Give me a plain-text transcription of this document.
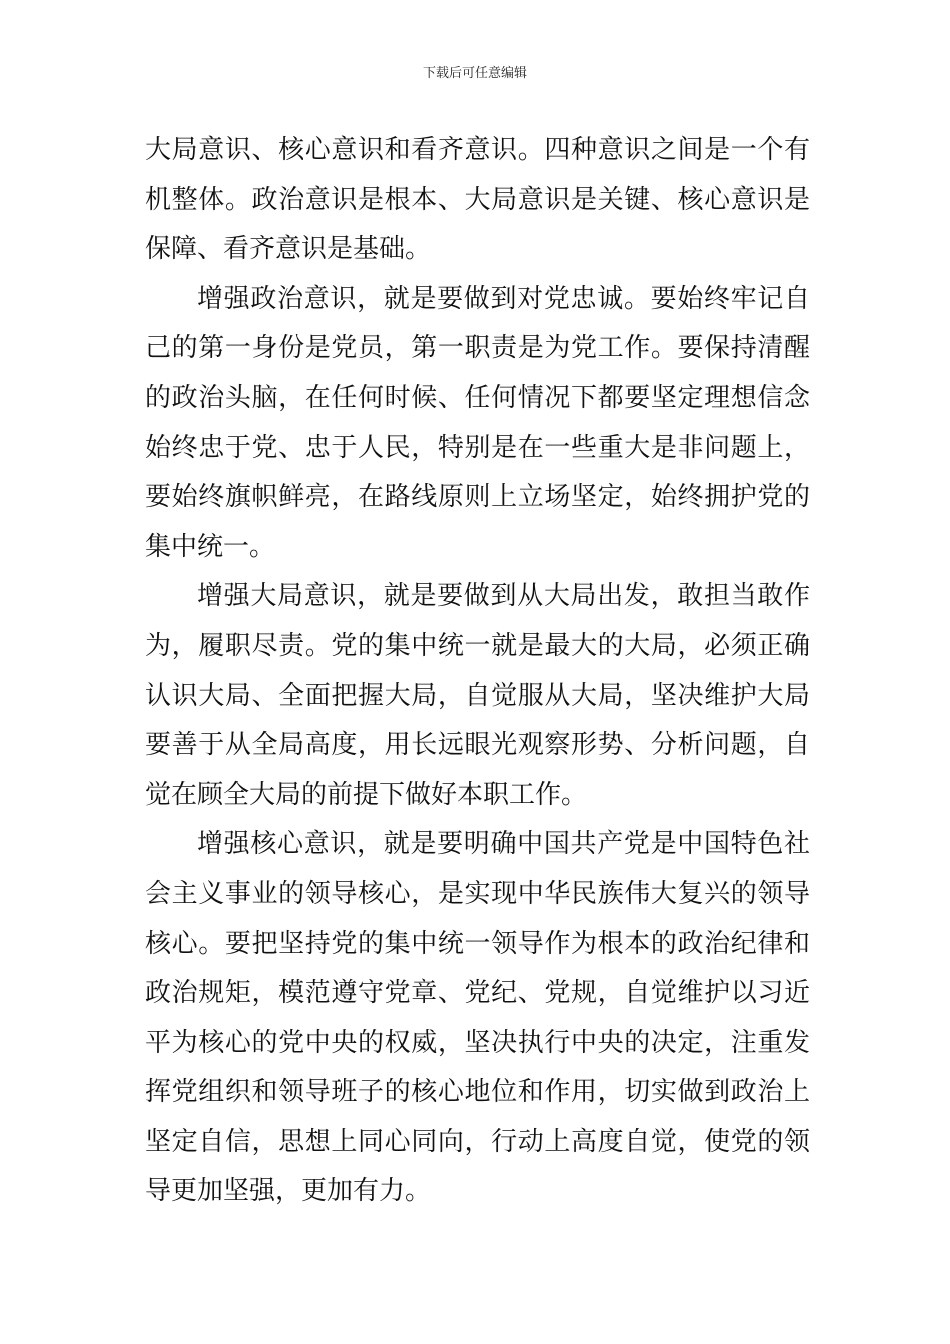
下载后可任意编辑

大局意识、核心意识和看齐意识。四种意识之间是一个有机整体。政治意识是根本、大局意识是关键、核心意识是保障、看齐意识是基础。

增强政治意识，就是要做到对党忠诚。要始终牢记自己的第一身份是党员，第一职责是为党工作。要保持清醒的政治头脑，在任何时候、任何情况下都要坚定理想信念始终忠于党、忠于人民，特别是在一些重大是非问题上，要始终旗帜鲜亮，在路线原则上立场坚定，始终拥护党的集中统一。

增强大局意识，就是要做到从大局出发，敢担当敢作为，履职尽责。党的集中统一就是最大的大局，必须正确认识大局、全面把握大局，自觉服从大局，坚决维护大局要善于从全局高度，用长远眼光观察形势、分析问题，自觉在顾全大局的前提下做好本职工作。

增强核心意识，就是要明确中国共产党是中国特色社会主义事业的领导核心，是实现中华民族伟大复兴的领导核心。要把坚持党的集中统一领导作为根本的政治纪律和政治规矩，模范遵守党章、党纪、党规，自觉维护以习近平为核心的党中央的权威，坚决执行中央的决定，注重发挥党组织和领导班子的核心地位和作用，切实做到政治上坚定自信，思想上同心同向，行动上高度自觉，使党的领导更加坚强，更加有力。
